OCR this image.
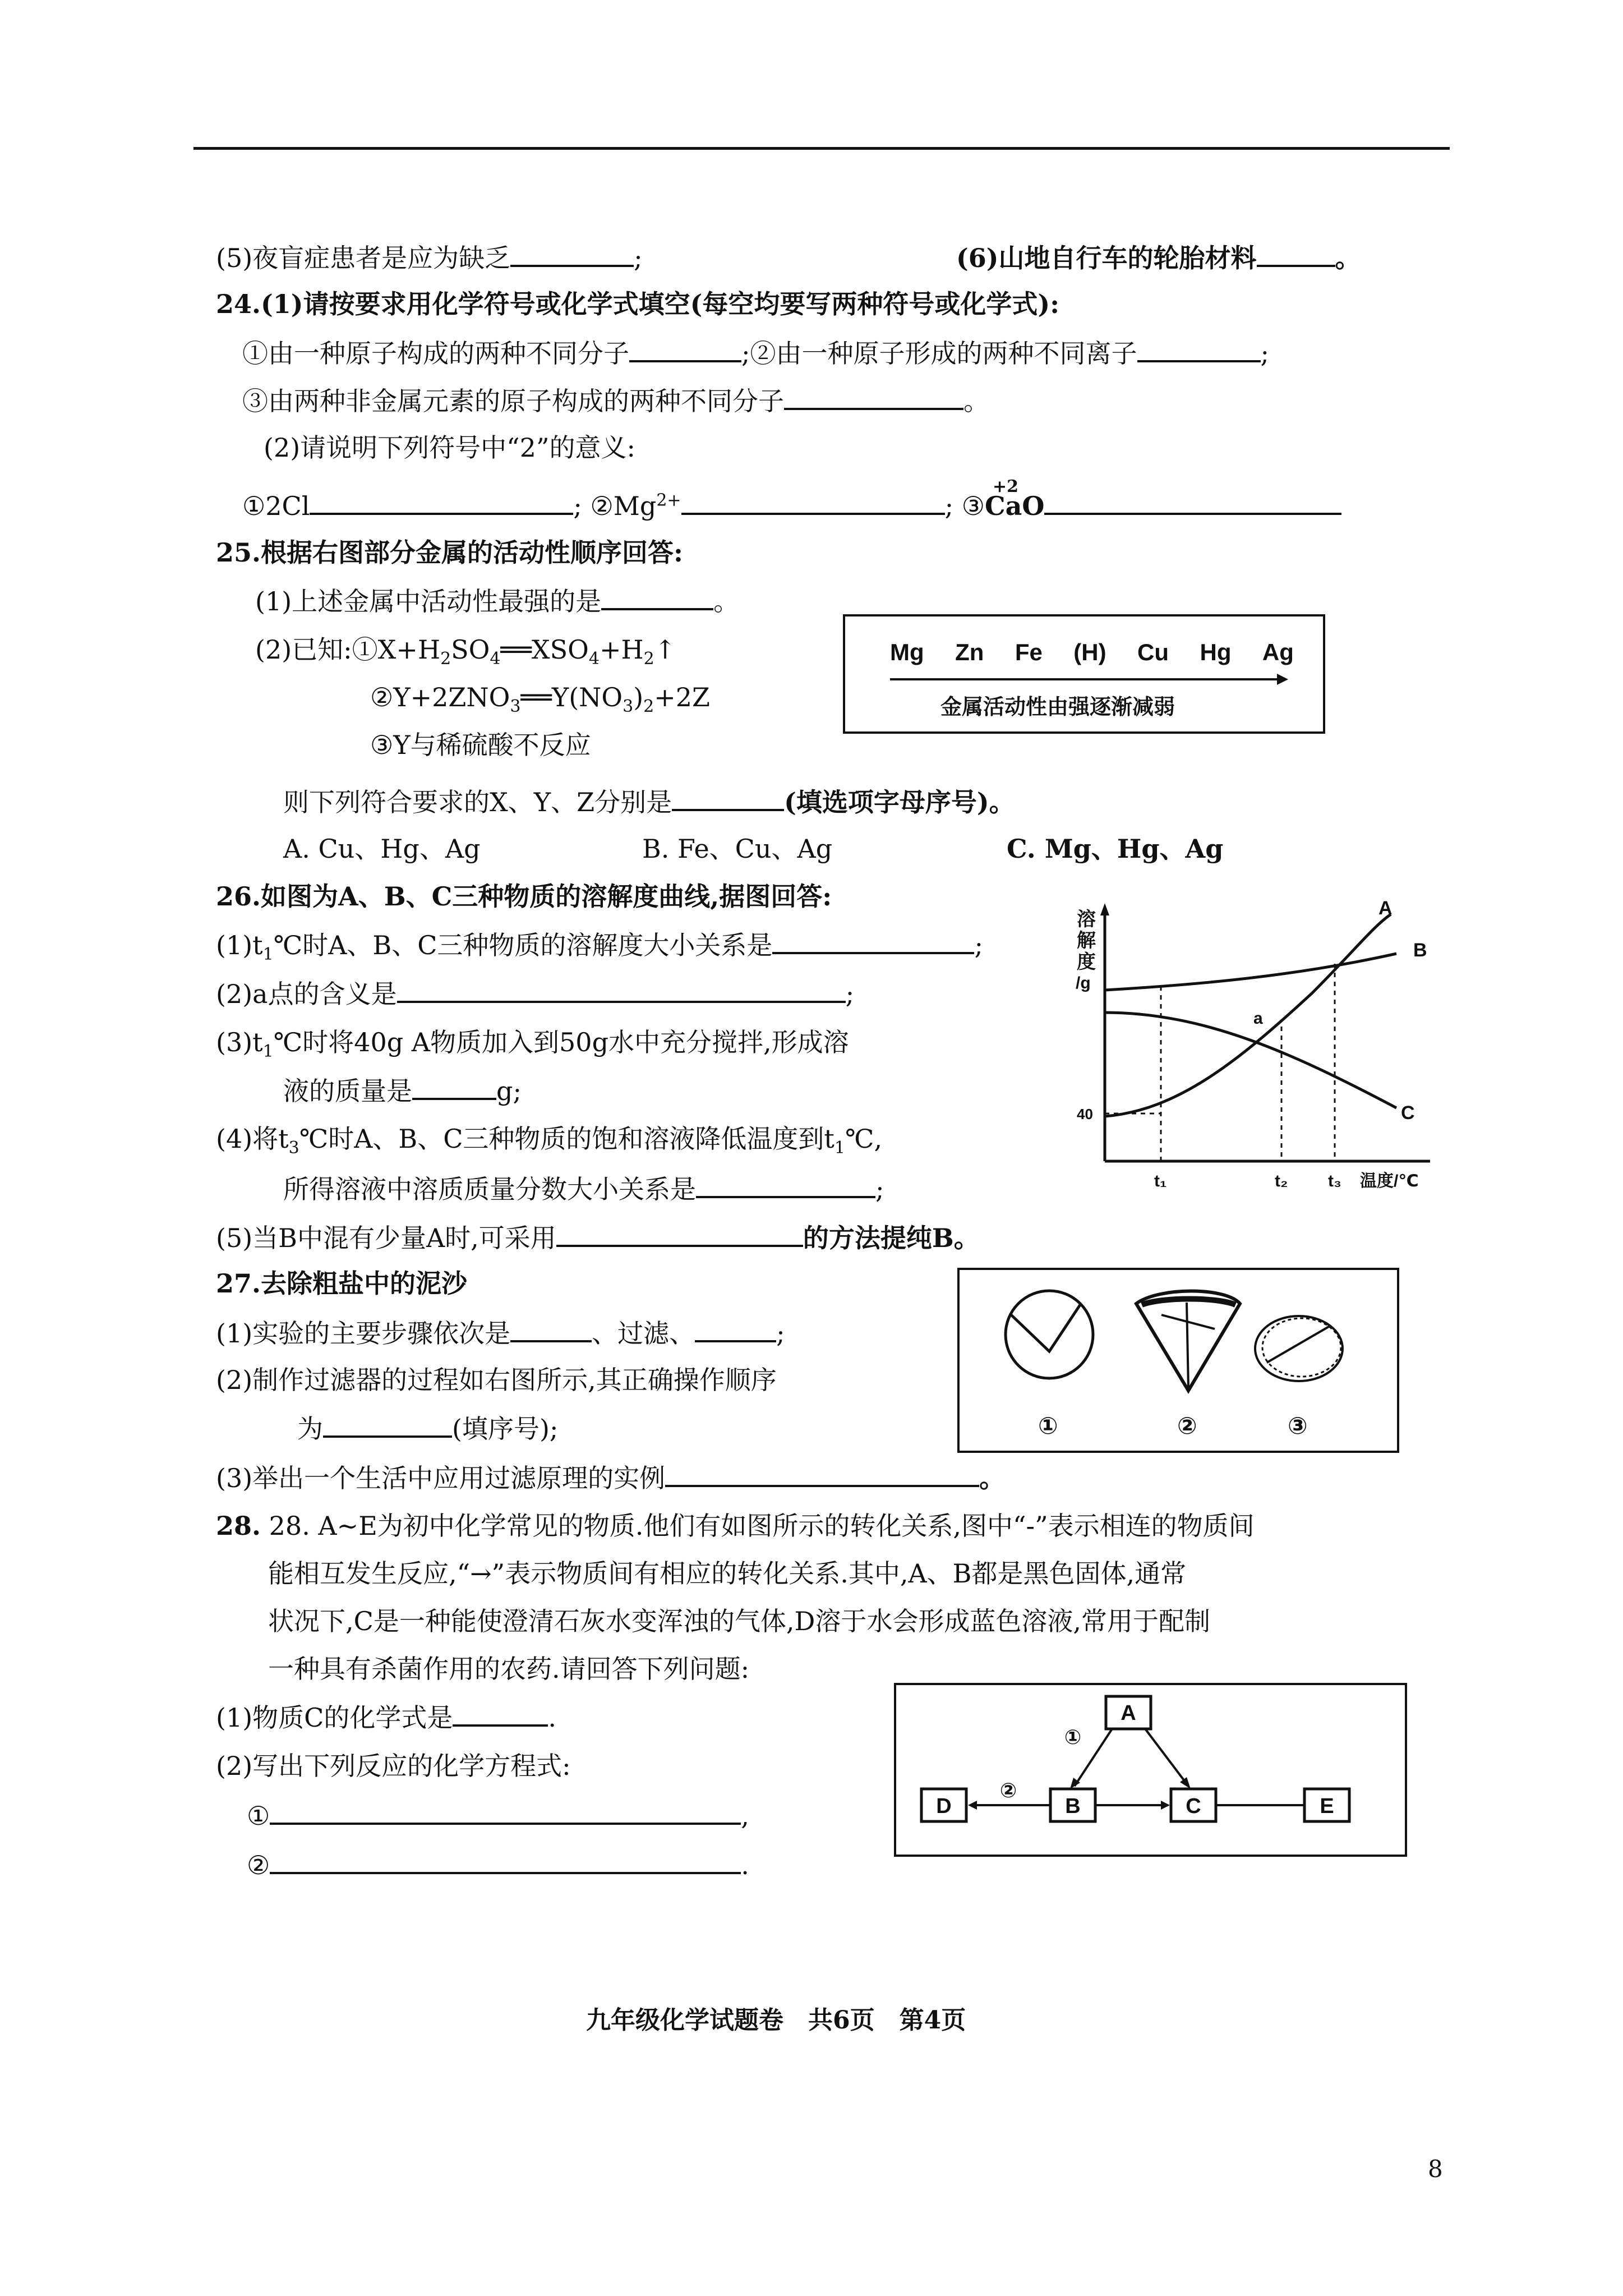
(5)夜盲症患者是应为缺乏	;	(6)山地自行车的轮胎材料	。
24.(1)请按要求用化学符号或化学式填空(每空均要写两种符号或化学式):
①由一种原子构成的两种不同分子	;②由一种原子形成的两种不同离子	;
③由两种非金属元素的原子构成的两种不同分子	。
(2)请说明下列符号中“2”的意义:
①2Cl	; $②Mg^{2+}$	; ③
+2
CaO
25.根据右图部分金属的活动性顺序回答:
(1)上述金属中活动性最强的是	。
(2)已知$:①X+H_2SO_4══XSO_4+H_2↑$
$②Y+2ZNO_3══Y(NO_3)_2+2Z$
③Y与稀硫酸不反应
则下列符合要求的X、Y、Z分别是	(填选项字母序号)。
A. Cu、Hg、Ag	B. Fe、Cu、Ag	C. Mg、Hg、Ag
Mg Zn Fe (H) Cu Hg Ag
金属活动性由强逐渐减弱
26.如图为A、B、C三种物质的溶解度曲线,据图回答:
$(1)t_1℃$时A、B、C三种物质的溶解度大小关系是	;
(2)a点的含义是	;
$(3)t_1℃$时将40g A物质加入到50g水中充分搅拌,形成溶
液的质量是	g;
(4)将$t_3℃$时A、B、C三种物质的饱和溶液降低温度到$t_1℃$,
所得溶液中溶质质量分数大小关系是	;
(5)当B中混有少量A时,可采用	的方法提纯B。
溶
解
度
/g
40
t₁	t₂ t₃ 温度/℃
A
B
C
a
27.去除粗盐中的泥沙
(1)实验的主要步骤依次是	、过滤、	;
(2)制作过滤器的过程如右图所示,其正确操作顺序
为	(填序号);
(3)举出一个生活中应用过滤原理的实例	。
①	②	③
28. 28. A~E为初中化学常见的物质.他们有如图所示的转化关系,图中“-”表示相连的物质间
能相互发生反应,“→”表示物质间有相应的转化关系.其中,A、B都是黑色固体,通常
状况下,C是一种能使澄清石灰水变浑浊的气体,D溶于水会形成蓝色溶液,常用于配制
一种具有杀菌作用的农药.请回答下列问题:
(1)物质C的化学式是	.
(2)写出下列反应的化学方程式:
①	,
②	.
A
B	C
D	E
①
②
九年级化学试题卷　共6页　第4页
8
